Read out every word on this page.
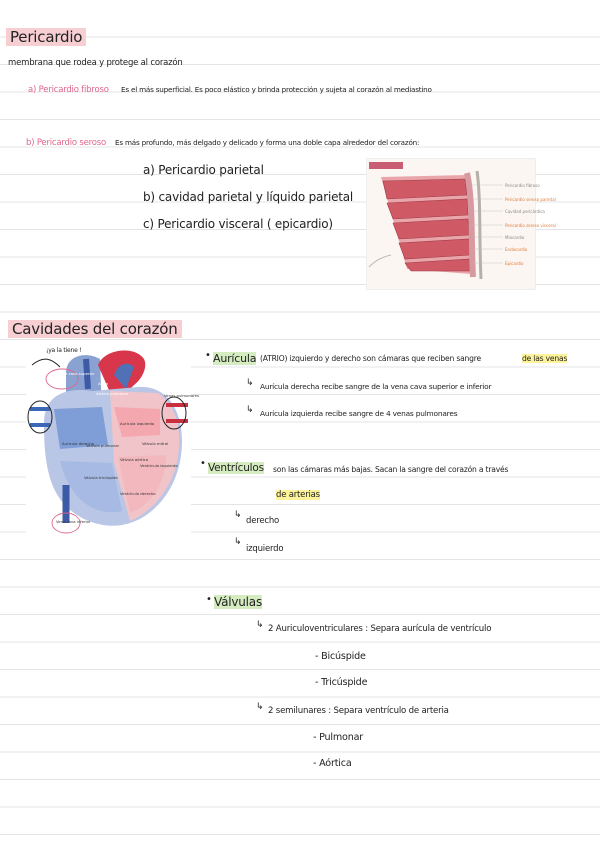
Pericardio
membrana que rodea y protege al corazón
a) Pericardio fibroso Es el más superficial. Es poco elástico y brinda protección y sujeta al corazón al mediastino
b) Pericardio seroso Es más profundo, más delgado y delicado y forma una doble capa alrededor del corazón:
a) Pericardio parietal
b) cavidad parietal y líquido parietal
c) Pericardio visceral ( epicardio)
Pericardio fibroso
Pericardio seroso parietal
Cavidad pericárdica
Pericardio seroso visceral
Miocardio
Endocardio
Epicardio
Cavidades del corazón
¡ya la tiene !
Vena cava superior
Aorta
Arteria pulmonar
Aurícula izquierda
Aurícula derecha
Válvula pulmonar	Válvula mitral
Válvula aórtica
Válvula tricúspide
Ventrículo izquierdo
Ventrículo derecho
Vena cava inferior
Venas pulmonares
• Aurícula (ATRIO) izquierdo y derecho son cámaras que reciben sangre	de las venas
↳ Aurícula derecha recibe sangre de la vena cava superior e inferior
↳ Aurícula izquierda recibe sangre de 4 venas pulmonares
• Ventrículos son las cámaras más bajas. Sacan la sangre del corazón a través
de arterias
↳
derecho
↳
izquierdo
• Válvulas
↳ 2 Auriculoventriculares : Separa aurícula de ventrículo
- Bicúspide
- Tricúspide
↳ 2 semilunares : Separa ventrículo de arteria
- Pulmonar
- Aórtica
